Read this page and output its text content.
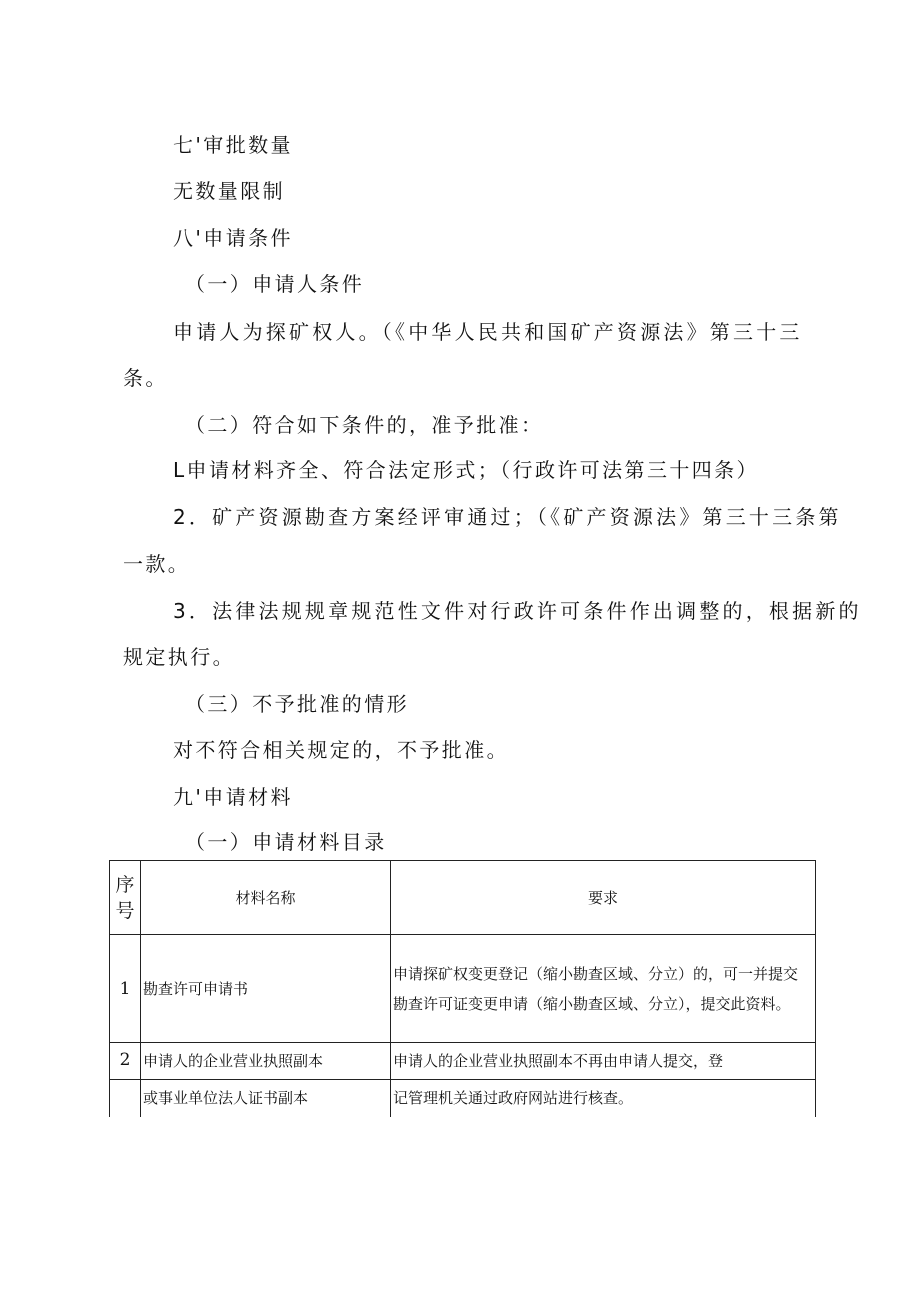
七'审批数量
无数量限制
八'申请条件
（一）申请人条件
申请人为探矿权人。（《中华人民共和国矿产资源法》第三十三
条。
（二）符合如下条件的，准予批准：
L申请材料齐全、符合法定形式；（行政许可法第三十四条）
2．矿产资源勘查方案经评审通过；（《矿产资源法》第三十三条第
一款。
3．法律法规规章规范性文件对行政许可条件作出调整的，根据新的
规定执行。
（三）不予批准的情形
对不符合相关规定的，不予批准。
九'申请材料
（一）申请材料目录
序号	材料名称	要求
1	勘查许可申请书	申请探矿权变更登记（缩小勘查区域、分立）的，可一并提交
勘查许可证变更申请（缩小勘查区域、分立），提交此资料。

2	申请人的企业营业执照副本	申请人的企业营业执照副本不再由申请人提交，登
	或事业单位法人证书副本	记管理机关通过政府网站进行核查。
